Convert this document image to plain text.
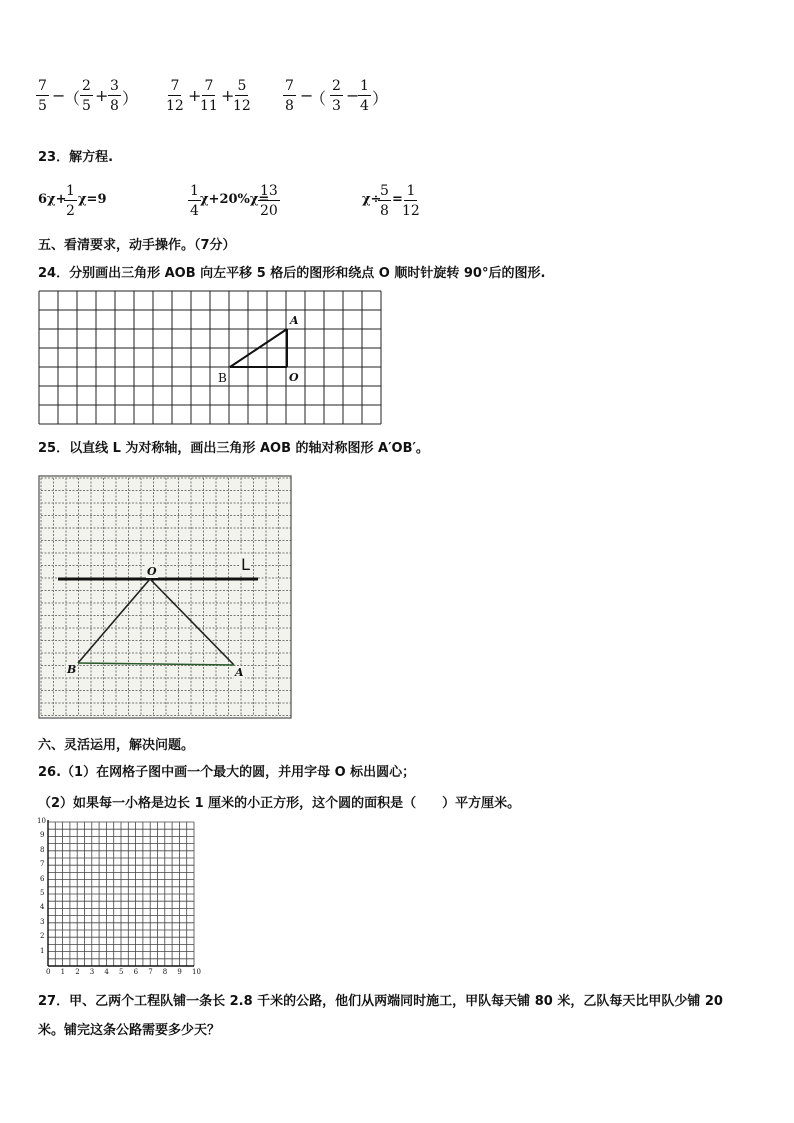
$\frac{7}{5}$ −
（ $\frac{2}{5} + \frac{3}{8}$ ） $\frac{7}{12}$ +
$\frac{7}{11}$ +
$\frac{5}{12} \frac{7}{8}$ −
（ $\frac{2}{3}$ −
$\frac{1}{4}$ ）
23．解方程.
6χ+
$\frac{1}{2} \chi=9$	$\frac{1}{4} \chi+20\%\chi=$
$\frac{13}{20}$	χ÷
$\frac{5}{8} = \frac{1}{12}$
五、看清要求，动手操作。（7分）
24．分别画出三角形 AOB 向左平移 5 格后的图形和绕点 O 顺时针旋转 90°后的图形.
A
B	O
25．以直线 L 为对称轴，画出三角形 AOB 的轴对称图形 A′OB′。
O	L
B	A
六、灵活运用，解决问题。
26.（1）在网格子图中画一个最大的圆，并用字母 O 标出圆心；
（2）如果每一小格是边长 1 厘米的小正方形，这个圆的面积是（　　）平方厘米。
0 1 2 3 4 5 6 7 8 9 10
1
2
3
4
5
6
7
8
9
10
27．甲、乙两个工程队铺一条长 2.8 千米的公路，他们从两端同时施工，甲队每天铺 80 米，乙队每天比甲队少铺 20
米。铺完这条公路需要多少天？
